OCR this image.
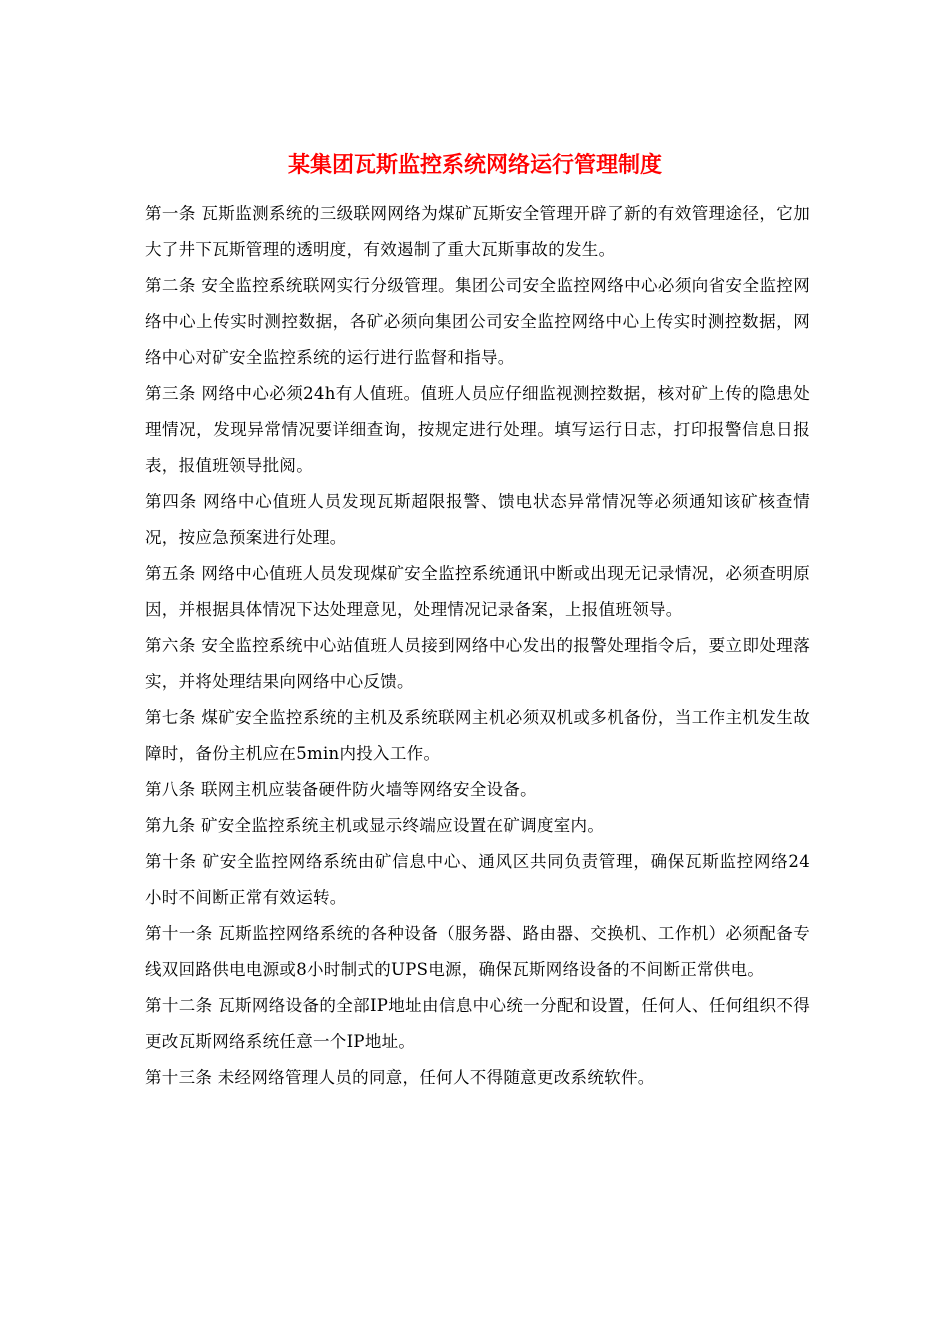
某集团瓦斯监控系统网络运行管理制度

第一条 瓦斯监测系统的三级联网网络为煤矿瓦斯安全管理开辟了新的有效管理途径，它加大了井下瓦斯管理的透明度，有效遏制了重大瓦斯事故的发生。

第二条 安全监控系统联网实行分级管理。集团公司安全监控网络中心必须向省安全监控网络中心上传实时测控数据，各矿必须向集团公司安全监控网络中心上传实时测控数据，网络中心对矿安全监控系统的运行进行监督和指导。

第三条 网络中心必须24h有人值班。值班人员应仔细监视测控数据，核对矿上传的隐患处理情况，发现异常情况要详细查询，按规定进行处理。填写运行日志，打印报警信息日报表，报值班领导批阅。

第四条 网络中心值班人员发现瓦斯超限报警、馈电状态异常情况等必须通知该矿核查情况，按应急预案进行处理。

第五条 网络中心值班人员发现煤矿安全监控系统通讯中断或出现无记录情况，必须查明原因，并根据具体情况下达处理意见，处理情况记录备案，上报值班领导。

第六条 安全监控系统中心站值班人员接到网络中心发出的报警处理指令后，要立即处理落实，并将处理结果向网络中心反馈。

第七条 煤矿安全监控系统的主机及系统联网主机必须双机或多机备份，当工作主机发生故障时，备份主机应在5min内投入工作。

第八条 联网主机应装备硬件防火墙等网络安全设备。

第九条 矿安全监控系统主机或显示终端应设置在矿调度室内。

第十条 矿安全监控网络系统由矿信息中心、通风区共同负责管理，确保瓦斯监控网络24小时不间断正常有效运转。

第十一条 瓦斯监控网络系统的各种设备（服务器、路由器、交换机、工作机）必须配备专线双回路供电电源或8小时制式的UPS电源，确保瓦斯网络设备的不间断正常供电。

第十二条 瓦斯网络设备的全部IP地址由信息中心统一分配和设置，任何人、任何组织不得更改瓦斯网络系统任意一个IP地址。

第十三条 未经网络管理人员的同意，任何人不得随意更改系统软件。
